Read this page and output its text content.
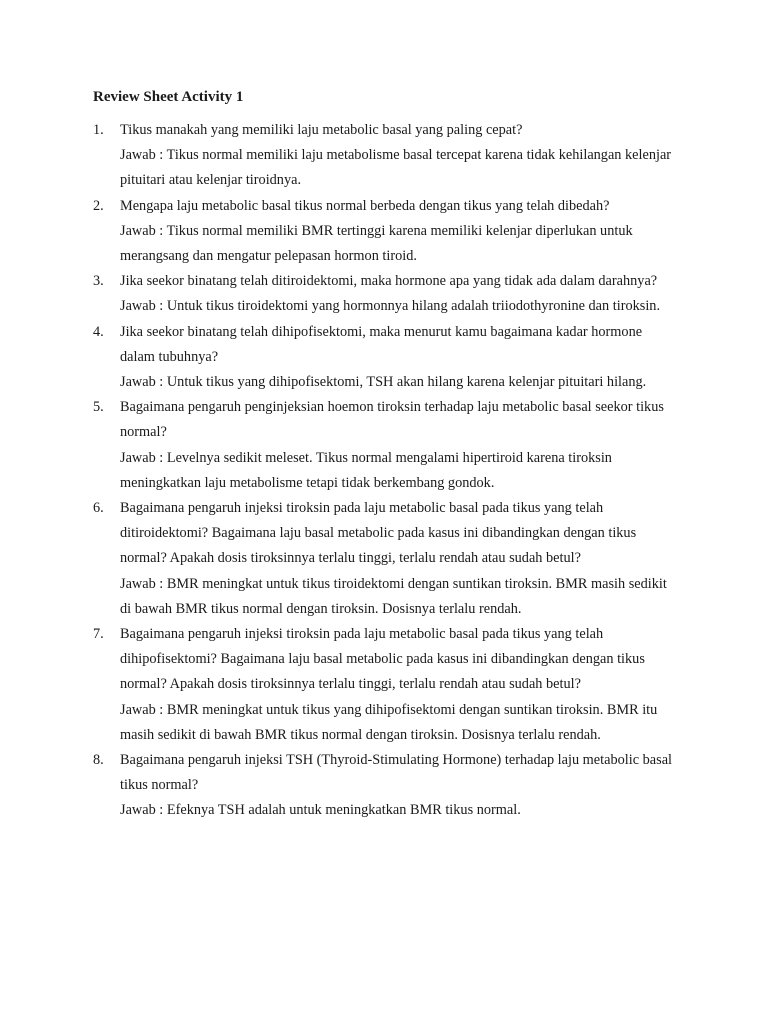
Review Sheet Activity 1
1. Tikus manakah yang memiliki laju metabolic basal yang paling cepat?

Jawab : Tikus normal memiliki laju metabolisme basal tercepat karena tidak kehilangan kelenjar pituitari atau kelenjar tiroidnya.

2. Mengapa laju metabolic basal tikus normal berbeda dengan tikus yang telah dibedah?

Jawab : Tikus normal memiliki BMR tertinggi karena memiliki kelenjar diperlukan untuk merangsang dan mengatur pelepasan hormon tiroid.

3. Jika seekor binatang telah ditiroidektomi, maka hormone apa yang tidak ada dalam darahnya?

Jawab : Untuk tikus tiroidektomi yang hormonnya hilang adalah triiodothyronine dan tiroksin.

4. Jika seekor binatang telah dihipofisektomi, maka menurut kamu bagaimana kadar hormone dalam tubuhnya?

Jawab : Untuk tikus yang dihipofisektomi, TSH akan hilang karena kelenjar pituitari hilang.

5. Bagaimana pengaruh penginjeksian hoemon tiroksin terhadap laju metabolic basal seekor tikus normal?

Jawab : Levelnya sedikit meleset. Tikus normal mengalami hipertiroid karena tiroksin meningkatkan laju metabolisme tetapi tidak berkembang gondok.

6. Bagaimana pengaruh injeksi tiroksin pada laju metabolic basal pada tikus yang telah ditiroidektomi? Bagaimana laju basal metabolic pada kasus ini dibandingkan dengan tikus normal? Apakah dosis tiroksinnya terlalu tinggi, terlalu rendah atau sudah betul?

Jawab : BMR meningkat untuk tikus tiroidektomi dengan suntikan tiroksin. BMR masih sedikit di bawah BMR tikus normal dengan tiroksin. Dosisnya terlalu rendah.

7. Bagaimana pengaruh injeksi tiroksin pada laju metabolic basal pada tikus yang telah dihipofisektomi? Bagaimana laju basal metabolic pada kasus ini dibandingkan dengan tikus normal? Apakah dosis tiroksinnya terlalu tinggi, terlalu rendah atau sudah betul?

Jawab : BMR meningkat untuk tikus yang dihipofisektomi dengan suntikan tiroksin. BMR itu masih sedikit di bawah BMR tikus normal dengan tiroksin. Dosisnya terlalu rendah.

8. Bagaimana pengaruh injeksi TSH (Thyroid-Stimulating Hormone) terhadap laju metabolic basal tikus normal?

Jawab : Efeknya TSH adalah untuk meningkatkan BMR tikus normal.
